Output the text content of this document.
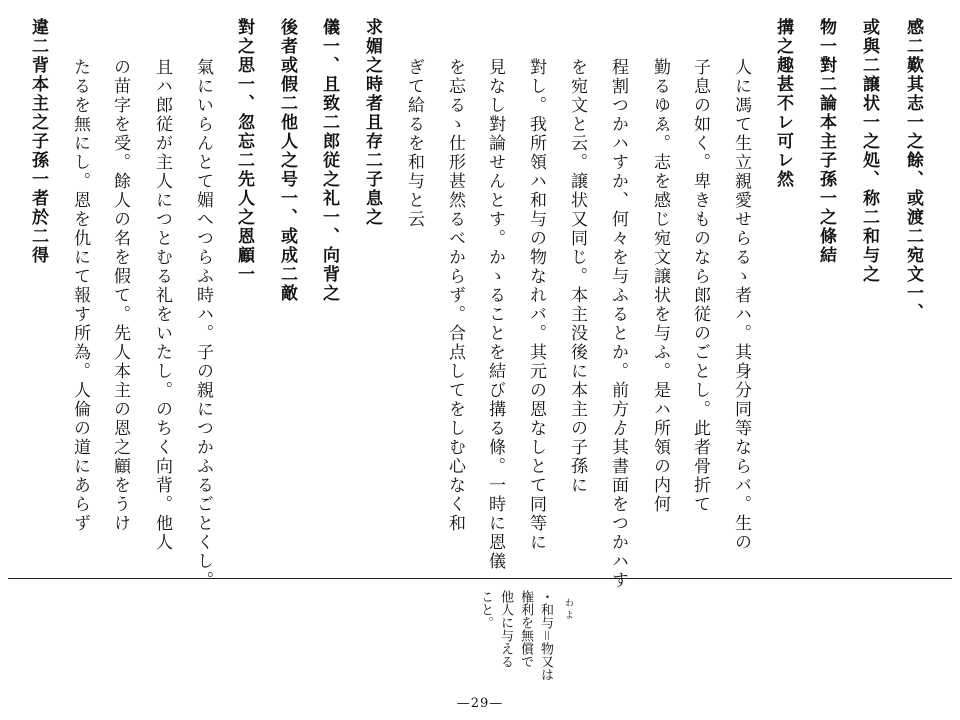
わ よ
・和与＝物又は
権利を無償で
他人に与える
こと。
—29—
感二歎其志一之餘、或渡二宛文一、
或與二譲状一之処、称二和与之
物一對二論本主子孫一之條結
搆之趣甚不レ可レ然
人に馮て生立親愛せらるゝ者ハ。其身分同等ならバ。生の
子息の如く。卑きものなら郎従のごとし。此者骨折て
勤るゆゑ。志を感じ宛文譲状を与ふ。是ハ所領の内何
程割つかハすか、何々を与ふるとか。前方ゟ其書面をつかハす
を宛文と云。譲状又同じ。本主没後に本主の子孫に
對し。我所領ハ和与の物なれバ。其元の恩なしとて同等に
見なし對論せんとす。かゝることを結び搆る條。一時に恩儀
を忘るゝ仕形甚然るべからず。合点してをしむ心なく和
ぎて給るを和与と云
求媚之時者且存二子息之
儀一、且致二郎従之礼一、向背之
後者或假二他人之号一、或成二敵
對之思一、忽忘二先人之恩顧一
氣にいらんとて媚へつらふ時ハ。子の親につかふるごとくし。
且ハ郎従が主人につとむる礼をいたし。のちく向背。他人
の苗字を受。餘人の名を假て。先人本主の恩之顧をうけ
たるを無にし。恩を仇にて報す所為。人倫の道にあらず
違二背本主之子孫一者於二得
